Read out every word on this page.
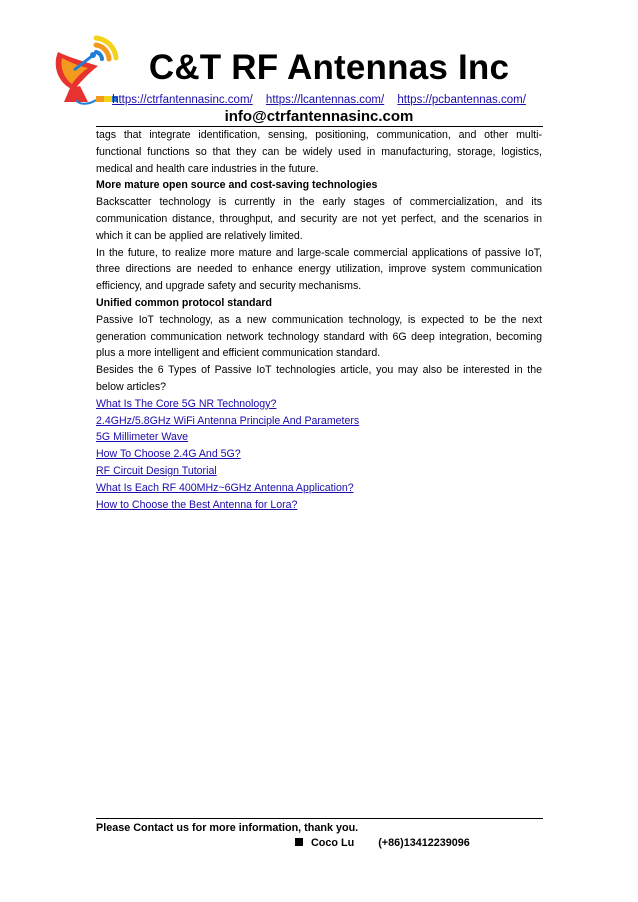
C&T RF Antennas Inc
https://ctrfantennasinc.com/ https://lcantennas.com/ https://pcbantennas.com/
info@ctrfantennasinc.com

tags that integrate identification, sensing, positioning, communication, and other multi-functional functions so that they can be widely used in manufacturing, storage, logistics, medical and health care industries in the future.

More mature open source and cost-saving technologies

Backscatter technology is currently in the early stages of commercialization, and its communication distance, throughput, and security are not yet perfect, and the scenarios in which it can be applied are relatively limited.

In the future, to realize more mature and large-scale commercial applications of passive IoT, three directions are needed to enhance energy utilization, improve system communication efficiency, and upgrade safety and security mechanisms.

Unified common protocol standard

Passive IoT technology, as a new communication technology, is expected to be the next generation communication network technology standard with 6G deep integration, becoming plus a more intelligent and efficient communication standard.

Besides the 6 Types of Passive IoT technologies article, you may also be interested in the below articles?

What Is The Core 5G NR Technology?
2.4GHz/5.8GHz WiFi Antenna Principle And Parameters
5G Millimeter Wave
How To Choose 2.4G And 5G?
RF Circuit Design Tutorial
What Is Each RF 400MHz~6GHz Antenna Application?
How to Choose the Best Antenna for Lora?
Please Contact us for more information, thank you.
Coco Lu (+86)13412239096
